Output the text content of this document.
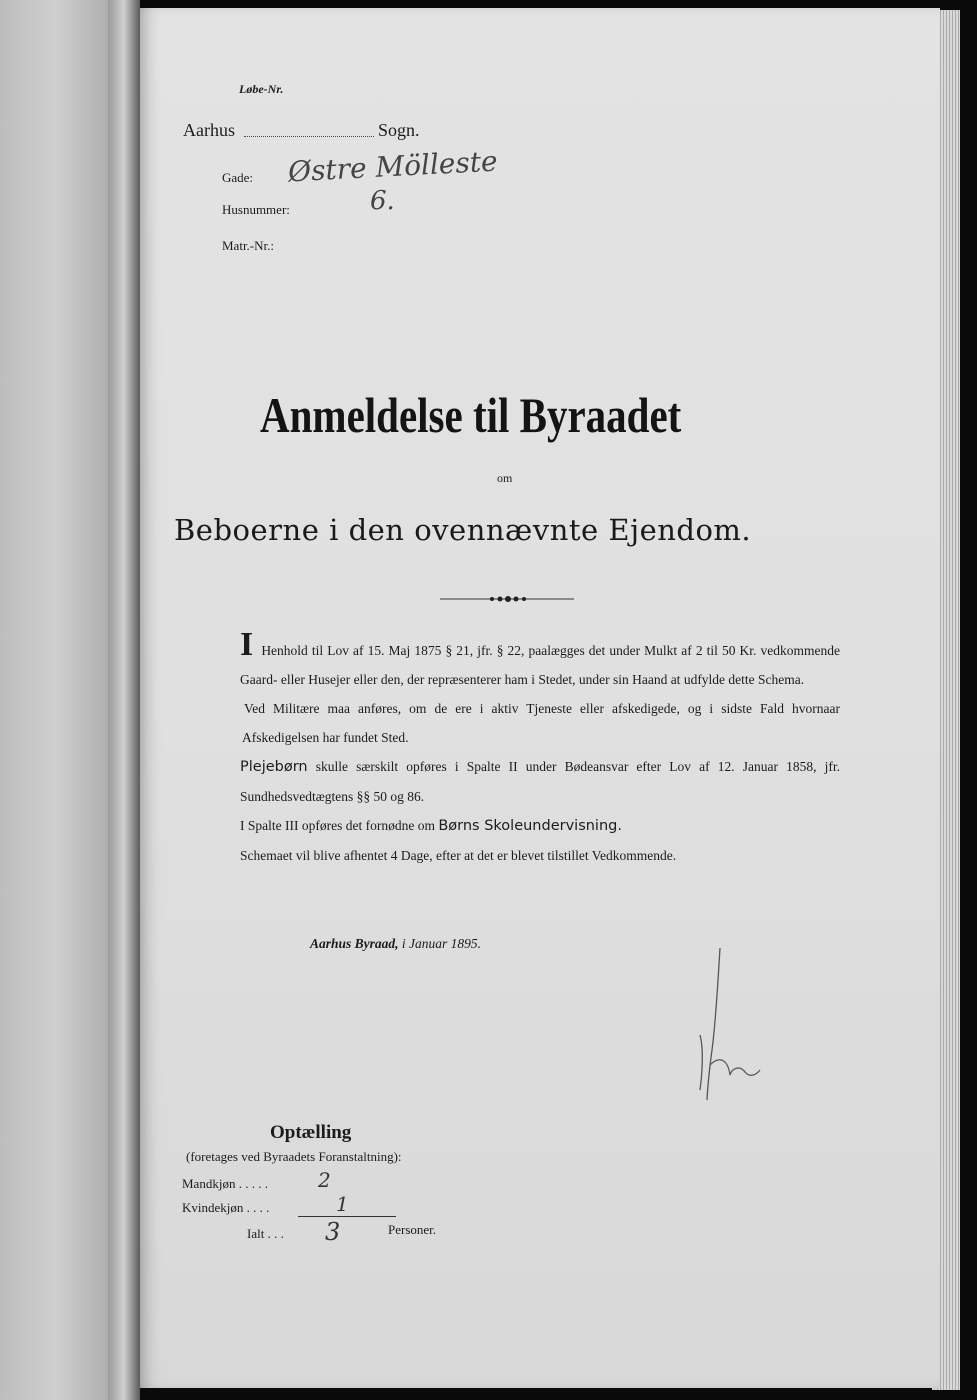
Løbe-Nr.
Aarhus	Sogn.
Gade: Østre Mölleste
Husnummer:	6.
Matr.-Nr.:
Anmeldelse til Byraadet
om
Beboerne i den ovennævnte Ejendom.

I Henhold til Lov af 15. Maj 1875 § 21, jfr. § 22, paalægges det under Mulkt af 2 til 50 Kr. vedkommende Gaard- eller Husejer eller den, der repræsenterer ham i Stedet, under sin Haand at udfylde dette Schema.

Ved Militære maa anføres, om de ere i aktiv Tjeneste eller afskedigede, og i sidste Fald hvornaar Afskedigelsen har fundet Sted.

Plejebørn skulle særskilt opføres i Spalte II under Bødeansvar efter Lov af 12. Januar 1858, jfr. Sundhedsvedtægtens §§ 50 og 86.

I Spalte III opføres det fornødne om Børns Skoleundervisning.

Schemaet vil blive afhentet 4 Dage, efter at det er blevet tilstillet Vedkommende.

Aarhus Byraad, i Januar 1895.
Optælling
(foretages ved Byraadets Foranstaltning):
Mandkjøn . . . . .	2
Kvindekjøn . . . .	1
Ialt . . . 3	Personer.
